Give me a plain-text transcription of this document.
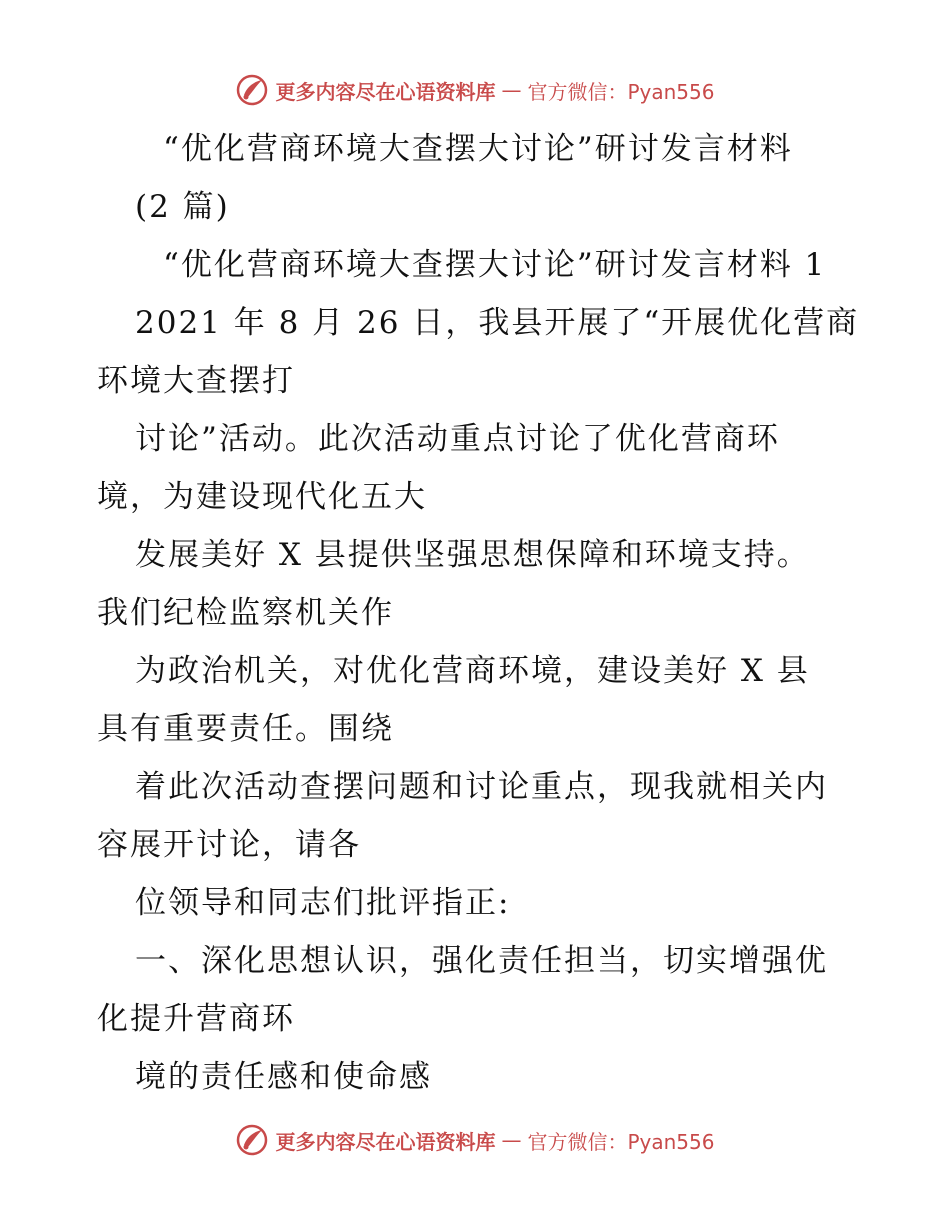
更多内容尽在心语资料库 — 官方微信：Pyan556
“优化营商环境大查摆大讨论”研讨发言材料
(2 篇)
“优化营商环境大查摆大讨论”研讨发言材料 1
2021 年 8 月 26 日，我县开展了“开展优化营商
环境大查摆打
讨论”活动。此次活动重点讨论了优化营商环
境，为建设现代化五大
发展美好 X 县提供坚强思想保障和环境支持。
我们纪检监察机关作
为政治机关，对优化营商环境，建设美好 X 县
具有重要责任。围绕
着此次活动查摆问题和讨论重点，现我就相关内
容展开讨论，请各
位领导和同志们批评指正:
一、深化思想认识，强化责任担当，切实增强优
化提升营商环
境的责任感和使命感
更多内容尽在心语资料库 — 官方微信：Pyan556
